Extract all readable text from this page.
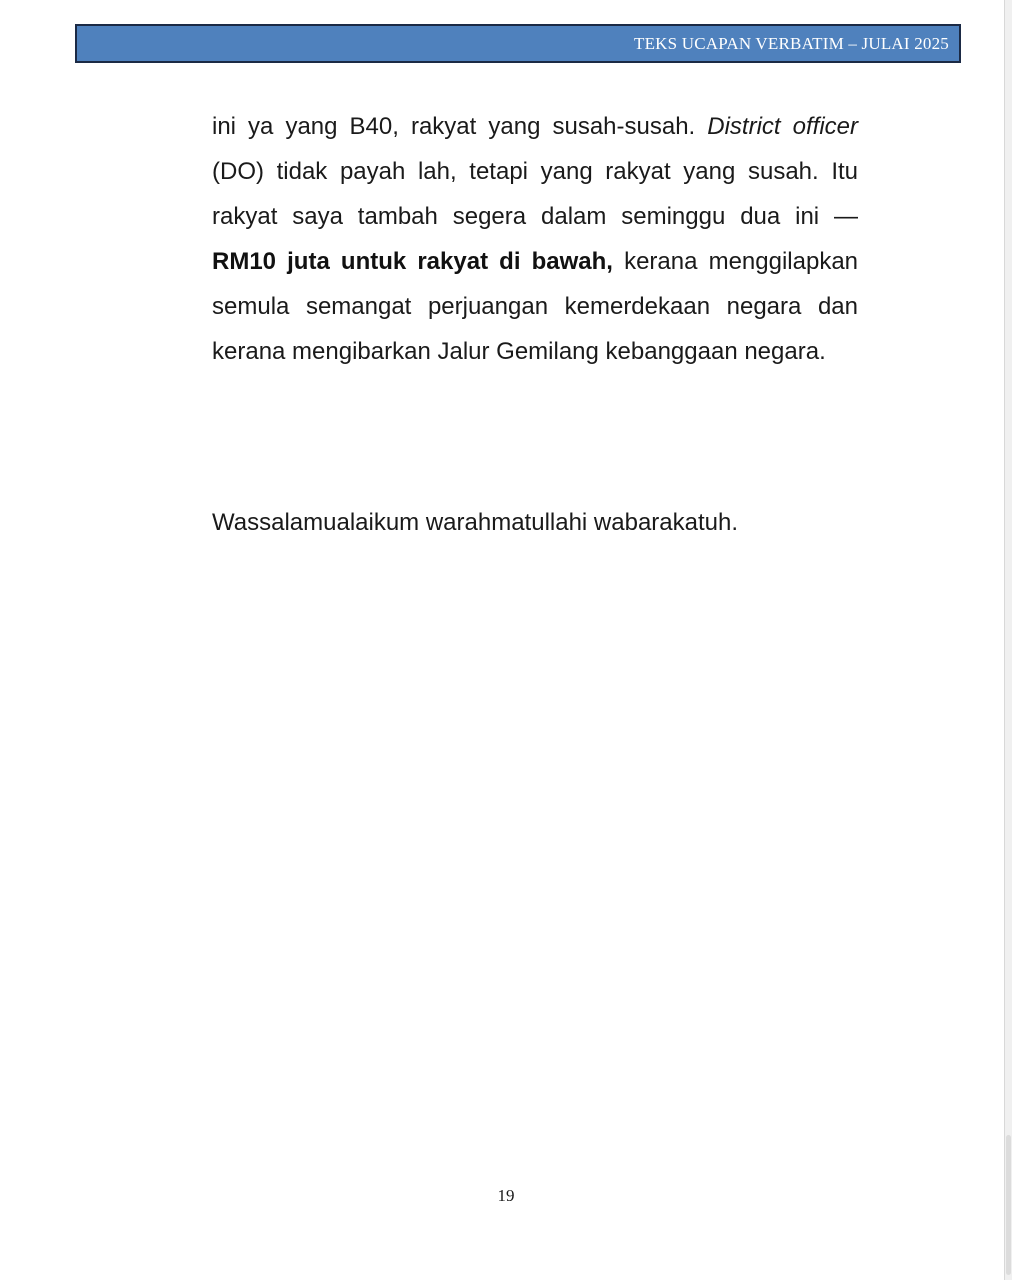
TEKS UCAPAN VERBATIM – JULAI 2025

ini ya yang B40, rakyat yang susah-susah. District officer (DO) tidak payah lah, tetapi yang rakyat yang susah. Itu rakyat saya tambah segera dalam seminggu dua ini — RM10 juta untuk rakyat di bawah, kerana menggilapkan semula semangat perjuangan kemerdekaan negara dan kerana mengibarkan Jalur Gemilang kebanggaan negara.

Wassalamualaikum warahmatullahi wabarakatuh.

19
